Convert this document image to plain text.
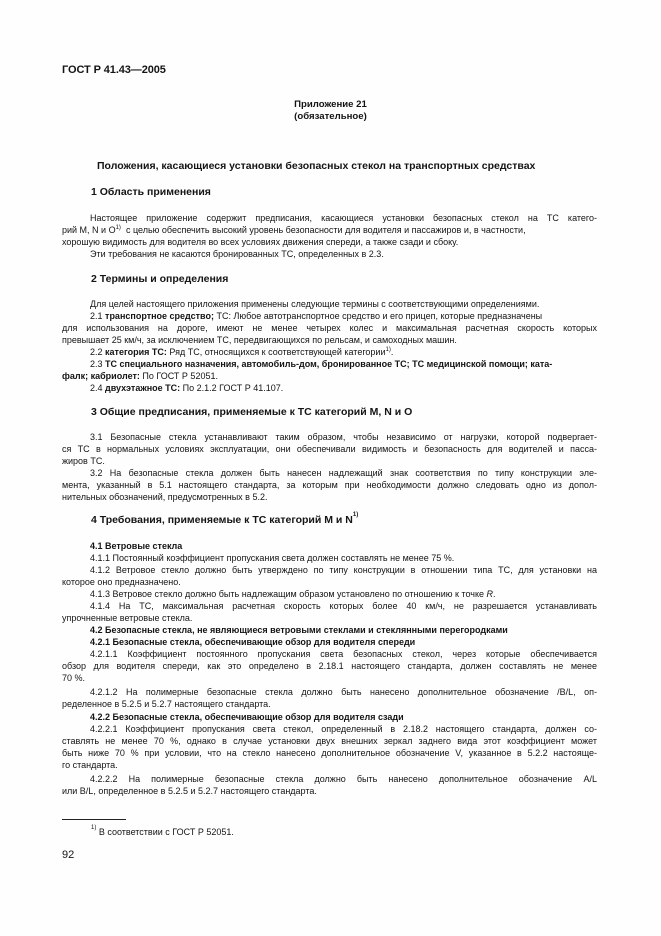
ГОСТ Р 41.43—2005
Приложение 21
(обязательное)
Положения, касающиеся установки безопасных стекол на транспортных средствах
1 Область применения
Настоящее приложение содержит предписания, касающиеся установки безопасных стекол на ТС катего-
рий М, N и $О^{1)}$ с целью обеспечить высокий уровень безопасности для водителя и пассажиров и, в частности,
хорошую видимость для водителя во всех условиях движения спереди, а также сзади и сбоку.
Эти требования не касаются бронированных ТС, определенных в 2.3.
2 Термины и определения
Для целей настоящего приложения применены следующие термины с соответствующими определениями.
2.1 транспортное средство; ТС: Любое автотранспортное средство и его прицеп, которые предназначены
для использования на дороге, имеют не менее четырех колес и максимальная расчетная скорость которых
превышает 25 км/ч, за исключением ТС, передвигающихся по рельсам, и самоходных машин.
2.2 категория ТС: Ряд ТС, относящихся к соответствующей категории$^{1)}$.
2.3 ТС специального назначения, автомобиль-дом, бронированное ТС; ТС медицинской помощи; ката-
фалк; кабриолет: По ГОСТ Р 52051.
2.4 двухэтажное ТС: По 2.1.2 ГОСТ Р 41.107.
3 Общие предписания, применяемые к ТС категорий М, N и О
3.1 Безопасные стекла устанавливают таким образом, чтобы независимо от нагрузки, которой подвергает-
ся ТС в нормальных условиях эксплуатации, они обеспечивали видимость и безопасность для водителей и пасса-
жиров ТС.
3.2 На безопасные стекла должен быть нанесен надлежащий знак соответствия по типу конструкции эле-
мента, указанный в 5.1 настоящего стандарта, за которым при необходимости должно следовать одно из допол-
нительных обозначений, предусмотренных в 5.2.
4 Требования, применяемые к ТС категорий М и $N^{1)}$
4.1 Ветровые стекла
4.1.1 Постоянный коэффициент пропускания света должен составлять не менее 75 %.
4.1.2 Ветровое стекло должно быть утверждено по типу конструкции в отношении типа ТС, для установки на
которое оно предназначено.
4.1.3 Ветровое стекло должно быть надлежащим образом установлено по отношению к точке R.
4.1.4 На ТС, максимальная расчетная скорость которых более 40 км/ч, не разрешается устанавливать
упрочненные ветровые стекла.
4.2 Безопасные стекла, не являющиеся ветровыми стеклами и стеклянными перегородками
4.2.1 Безопасные стекла, обеспечивающие обзор для водителя спереди
4.2.1.1 Коэффициент постоянного пропускания света безопасных стекол, через которые обеспечивается
обзор для водителя спереди, как это определено в 2.18.1 настоящего стандарта, должен составлять не менее
70 %.
4.2.1.2 На полимерные безопасные стекла должно быть нанесено дополнительное обозначение /B/L, оп-
ределенное в 5.2.5 и 5.2.7 настоящего стандарта.
4.2.2 Безопасные стекла, обеспечивающие обзор для водителя сзади
4.2.2.1 Коэффициент пропускания света стекол, определенный в 2.18.2 настоящего стандарта, должен со-
ставлять не менее 70 %, однако в случае установки двух внешних зеркал заднего вида этот коэффициент может
быть ниже 70 % при условии, что на стекло нанесено дополнительное обозначение V, указанное в 5.2.2 настояще-
го стандарта.
4.2.2.2 На полимерные безопасные стекла должно быть нанесено дополнительное обозначение A/L
или B/L, определенное в 5.2.5 и 5.2.7 настоящего стандарта.
$^{1)}$ В соответствии с ГОСТ Р 52051.
92
